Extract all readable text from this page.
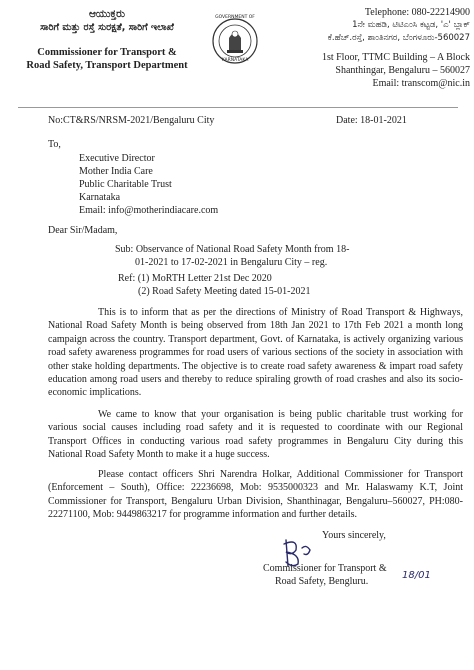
ಆಯುಕ್ತರು
ಸಾರಿಗೆ ಮತ್ತು ರಸ್ತೆ ಸುರಕ್ಷತೆ, ಸಾರಿಗೆ ಇಲಾಖೆ
Commissioner for Transport &
Road Safety, Transport Department
GOVERNMENT OF
KARNATAKA
Telephone: 080-22214900
1ನೇ ಮಹಡಿ, ಟಿಟಿಎಂಸಿ ಕಟ್ಟಡ, 'ಎ' ಬ್ಲಾಕ್
ಕೆ.ಹೆಚ್.ರಸ್ತೆ, ಶಾಂತಿನಗರ, ಬೆಂಗಳೂರು-560027
1st Floor, TTMC Building – A Block
Shanthingar, Bengaluru – 560027
Email: transcom@nic.in
No:CT&RS/NRSM-2021/Bengaluru City	Date: 18-01-2021
To,
Executive Director
Mother India Care
Public Charitable Trust
Karnataka
Email: info@motherindiacare.com
Dear Sir/Madam,
Sub: Observance of National Road Safety Month from 18-
01-2021 to 17-02-2021 in Bengaluru City – reg.
Ref: (1) MoRTH Letter 21st Dec 2020
(2) Road Safety Meeting dated 15-01-2021
This is to inform that as per the directions of Ministry of Road Transport & Highways, National Road Safety Month is being observed from 18th Jan 2021 to 17th Feb 2021 a month long campaign across the country. Transport department, Govt. of Karnataka, is actively organizing various road safety awareness programmes for road users of various sections of the society in association with other stake holding departments. The objective is to create road safety awareness & impart road safety education among road users and thereby to reduce spiraling growth of road crashes and also its socio-economic implications.
We came to know that your organisation is being public charitable trust working for various social causes including road safety and it is requested to coordinate with our Regional Transport Offices in conducting various road safety programmes in Bengaluru City during this National Road Safety Month to make it a huge success.
Please contact officers Shri Narendra Holkar, Additional Commissioner for Transport (Enforcement – South), Office: 22236698, Mob: 9535000323 and Mr. Halaswamy K.T, Joint Commissioner for Transport, Bengaluru Urban Division, Shanthinagar, Bengaluru–560027, PH:080-22271100, Mob: 9449863217 for programme information and further details.
Yours sincerely,
Commissioner for Transport &
Road Safety, Bengluru.
18/01
